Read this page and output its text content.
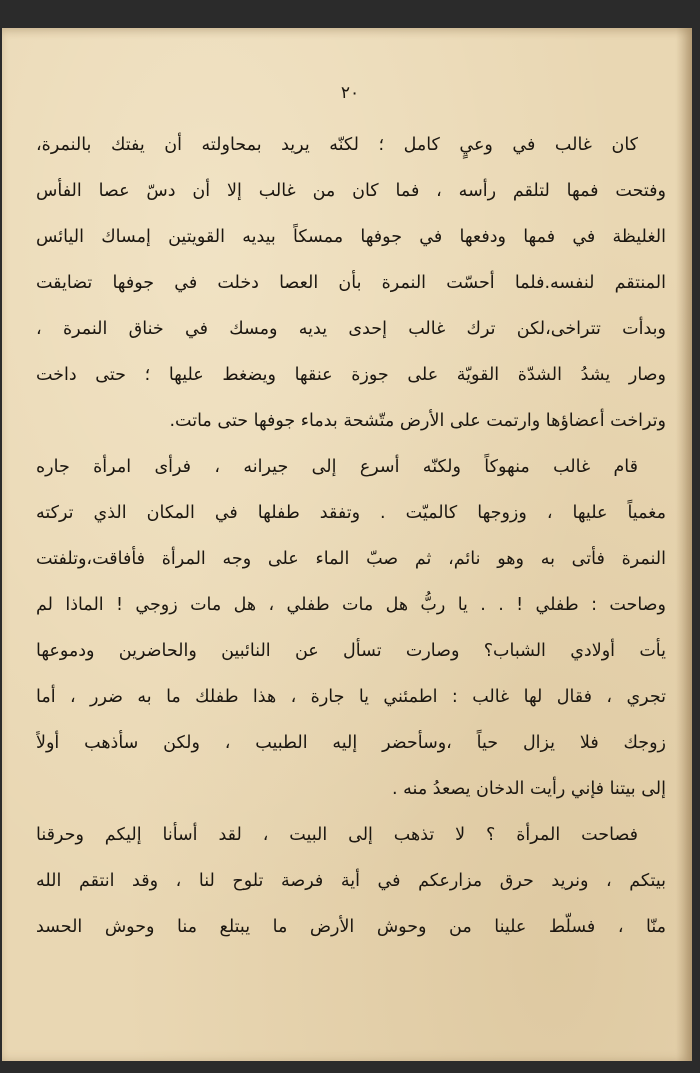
٢٠
كان غالب في وعيٍ كامل ؛ لكنّه يريد بمحاولته أن يفتك بالنمرة،
وفتحت فمها لتلقم رأسه ، فما كان من غالب إلا أن دسّ عصا الفأس
الغليظة في فمها ودفعها في جوفها ممسكاً بيديه القويتين إمساك اليائس
المنتقم لنفسه.فلما أحسّت النمرة بأن العصا دخلت في جوفها تضايقت
وبدأت تتراخى،لكن ترك غالب إحدى يديه ومسك في خناق النمرة ،
وصار يشدُ الشدّة القويّة على جوزة عنقها ويضغط عليها ؛ حتى داخت
وتراخت أعضاؤها وارتمت على الأرض متّشحة بدماء جوفها حتى ماتت.
قام غالب منهوكاً ولكنّه أسرع إلى جيرانه ، فرأى امرأة جاره
مغمياً عليها ، وزوجها كالميّت . وتفقد طفلها في المكان الذي تركته
النمرة فأتى به وهو نائم، ثم صبّ الماء على وجه المرأة فأفاقت،وتلفتت
وصاحت : طفلي ! . . يا ربُّ هل مات طفلي ، هل مات زوجي ! الماذا لم
يأت أولادي الشباب؟ وصارت تسأل عن النائبين والحاضرين ودموعها
تجري ، فقال لها غالب : اطمئني يا جارة ، هذا طفلك ما به ضرر ، أما
زوجك فلا يزال حياً ،وسأحضر إليه الطبيب ، ولكن سأذهب أولاً
إلى بيتنا فإني رأيت الدخان يصعدُ منه .
فصاحت المرأة ؟ لا تذهب إلى البيت ، لقد أسأنا إليكم وحرقنا
بيتكم ، ونريد حرق مزارعكم في أية فرصة تلوح لنا ، وقد انتقم الله
منّا ، فسلّط علينا من وحوش الأرض ما يبتلع منا وحوش الحسد
